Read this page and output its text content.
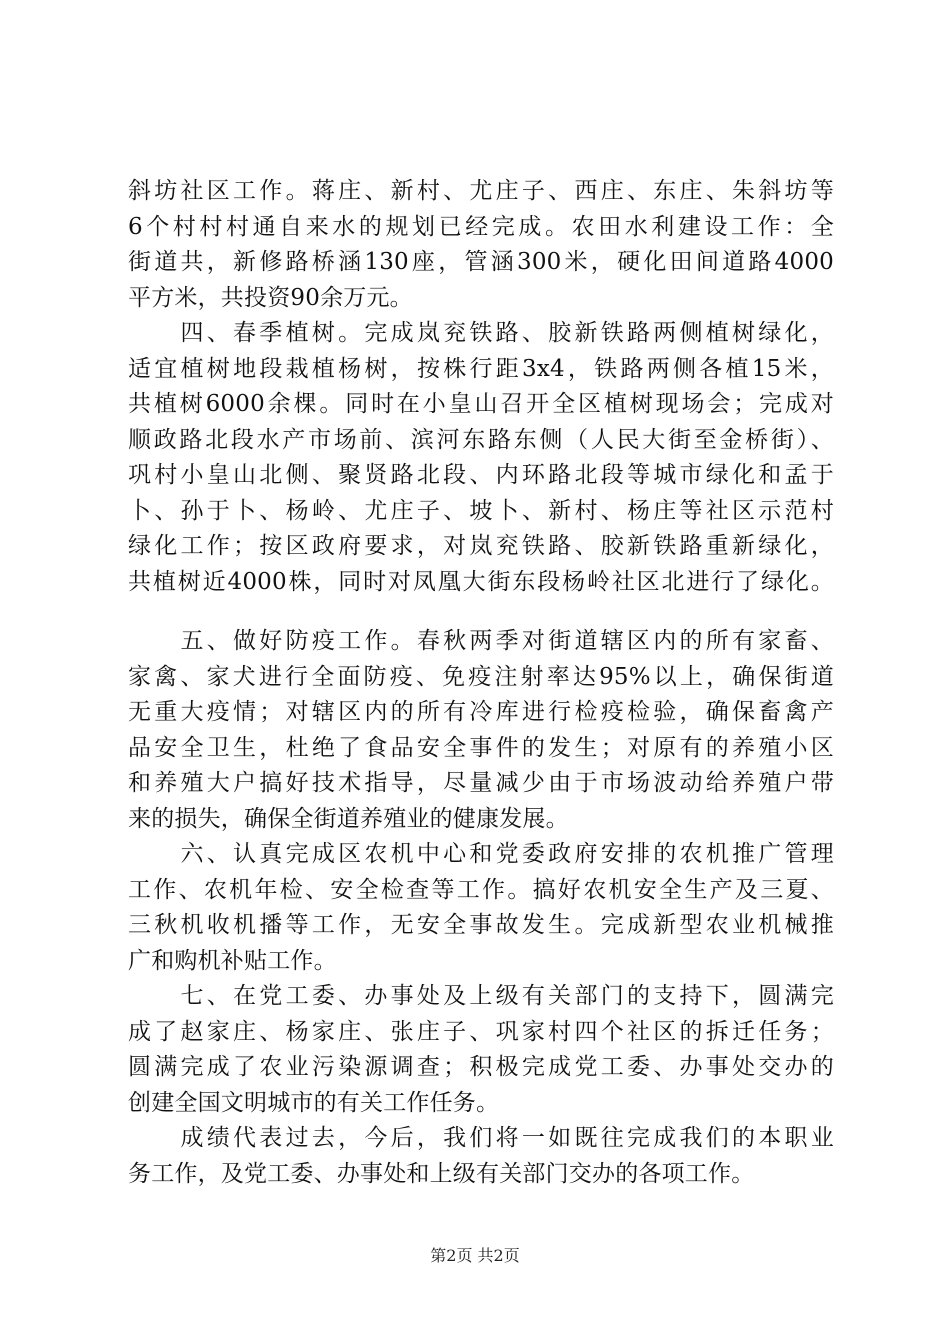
斜坊社区工作。蒋庄、新村、尤庄子、西庄、东庄、朱斜坊等
6个村村村通自来水的规划已经完成。农田水利建设工作：全
街道共，新修路桥涵130座，管涵300米，硬化田间道路4000
平方米，共投资90余万元。
　　四、春季植树。完成岚兖铁路、胶新铁路两侧植树绿化，
适宜植树地段栽植杨树，按株行距3x4，铁路两侧各植15米，
共植树6000余棵。同时在小皇山召开全区植树现场会；完成对
顺政路北段水产市场前、滨河东路东侧（人民大街至金桥街）、
巩村小皇山北侧、聚贤路北段、内环路北段等城市绿化和孟于
卜、孙于卜、杨岭、尤庄子、坡卜、新村、杨庄等社区示范村
绿化工作；按区政府要求，对岚兖铁路、胶新铁路重新绿化，
共植树近4000株，同时对凤凰大街东段杨岭社区北进行了绿化。
　　五、做好防疫工作。春秋两季对街道辖区内的所有家畜、
家禽、家犬进行全面防疫、免疫注射率达95%以上，确保街道
无重大疫情；对辖区内的所有冷库进行检疫检验，确保畜禽产
品安全卫生，杜绝了食品安全事件的发生；对原有的养殖小区
和养殖大户搞好技术指导，尽量减少由于市场波动给养殖户带
来的损失，确保全街道养殖业的健康发展。
　　六、认真完成区农机中心和党委政府安排的农机推广管理
工作、农机年检、安全检查等工作。搞好农机安全生产及三夏、
三秋机收机播等工作，无安全事故发生。完成新型农业机械推
广和购机补贴工作。
　　七、在党工委、办事处及上级有关部门的支持下，圆满完
成了赵家庄、杨家庄、张庄子、巩家村四个社区的拆迁任务；
圆满完成了农业污染源调查；积极完成党工委、办事处交办的
创建全国文明城市的有关工作任务。
　　成绩代表过去，今后，我们将一如既往完成我们的本职业
务工作，及党工委、办事处和上级有关部门交办的各项工作。
第2页 共2页
